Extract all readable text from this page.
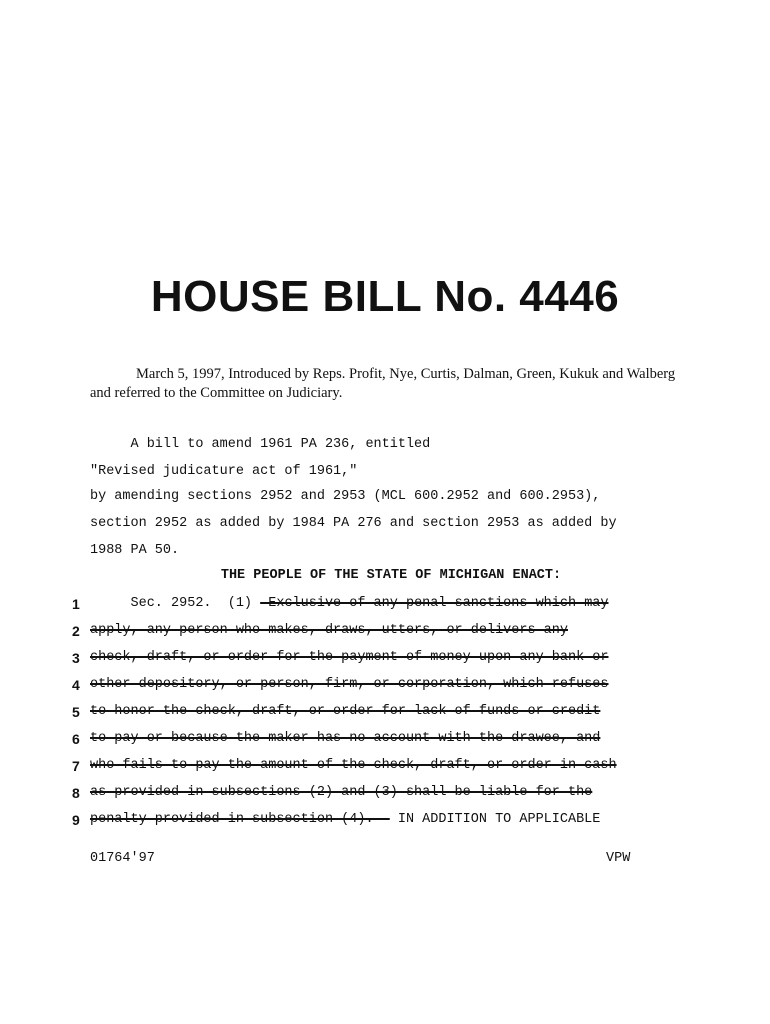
HOUSE BILL No. 4446

March 5, 1997, Introduced by Reps. Profit, Nye, Curtis, Dalman, Green, Kukuk and Walberg and referred to the Committee on Judiciary.

A bill to amend 1961 PA 236, entitled
"Revised judicature act of 1961,"
by amending sections 2952 and 2953 (MCL 600.2952 and 600.2953),
section 2952 as added by 1984 PA 276 and section 2953 as added by
1988 PA 50.
THE PEOPLE OF THE STATE OF MICHIGAN ENACT:
1 Sec. 2952.  (1)  Exclusive of any penal sanctions which may
2 apply, any person who makes, draws, utters, or delivers any
3 check, draft, or order for the payment of money upon any bank or
4 other depository, or person, firm, or corporation, which refuses
5 to honor the check, draft, or order for lack of funds or credit
6 to pay or because the maker has no account with the drawee, and
7 who fails to pay the amount of the check, draft, or order in cash
8 as provided in subsections (2) and (3) shall be liable for the
9 penalty provided in subsection (4).   IN ADDITION TO APPLICABLE
01764'97	VPW
